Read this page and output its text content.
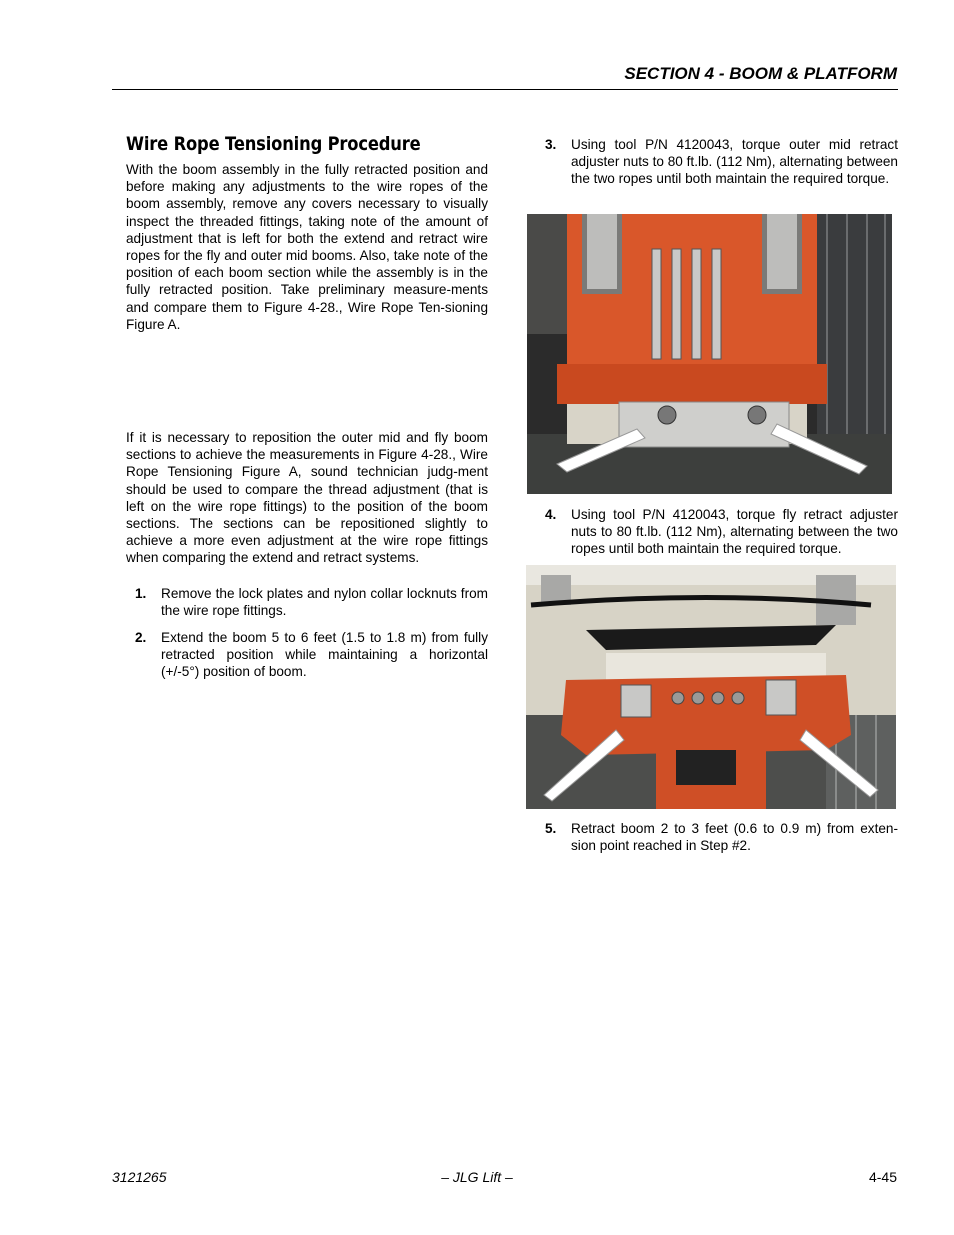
SECTION 4 - BOOM & PLATFORM
Wire Rope Tensioning Procedure

With the boom assembly in the fully retracted position and before making any adjustments to the wire ropes of the boom assembly, remove any covers necessary to visually inspect the threaded fittings, taking note of the amount of adjustment that is left for both the extend and retract wire ropes for the fly and outer mid booms. Also, take note of the position of each boom section while the assembly is in the fully retracted position. Take preliminary measure-ments and compare them to Figure 4-28., Wire Rope Ten-sioning Figure A.

If it is necessary to reposition the outer mid and fly boom sections to achieve the measurements in Figure 4-28., Wire Rope Tensioning Figure A, sound technician judg-ment should be used to compare the thread adjustment (that is left on the wire rope fittings) to the position of the boom sections. The sections can be repositioned slightly to achieve a more even adjustment at the wire rope fittings when comparing the extend and retract systems.

1. Remove the lock plates and nylon collar locknuts from the wire rope fittings.
2. Extend the boom 5 to 6 feet (1.5 to 1.8 m) from fully retracted position while maintaining a horizontal (+/-5°) position of boom.
3. Using tool P/N 4120043, torque outer mid retract adjuster nuts to 80 ft.lb. (112 Nm), alternating between the two ropes until both maintain the required torque.
4. Using tool P/N 4120043, torque fly retract adjuster nuts to 80 ft.lb. (112 Nm), alternating between the two ropes until both maintain the required torque.
5. Retract boom 2 to 3 feet (0.6 to 0.9 m) from exten-sion point reached in Step #2.
3121265	– JLG Lift –	4-45
